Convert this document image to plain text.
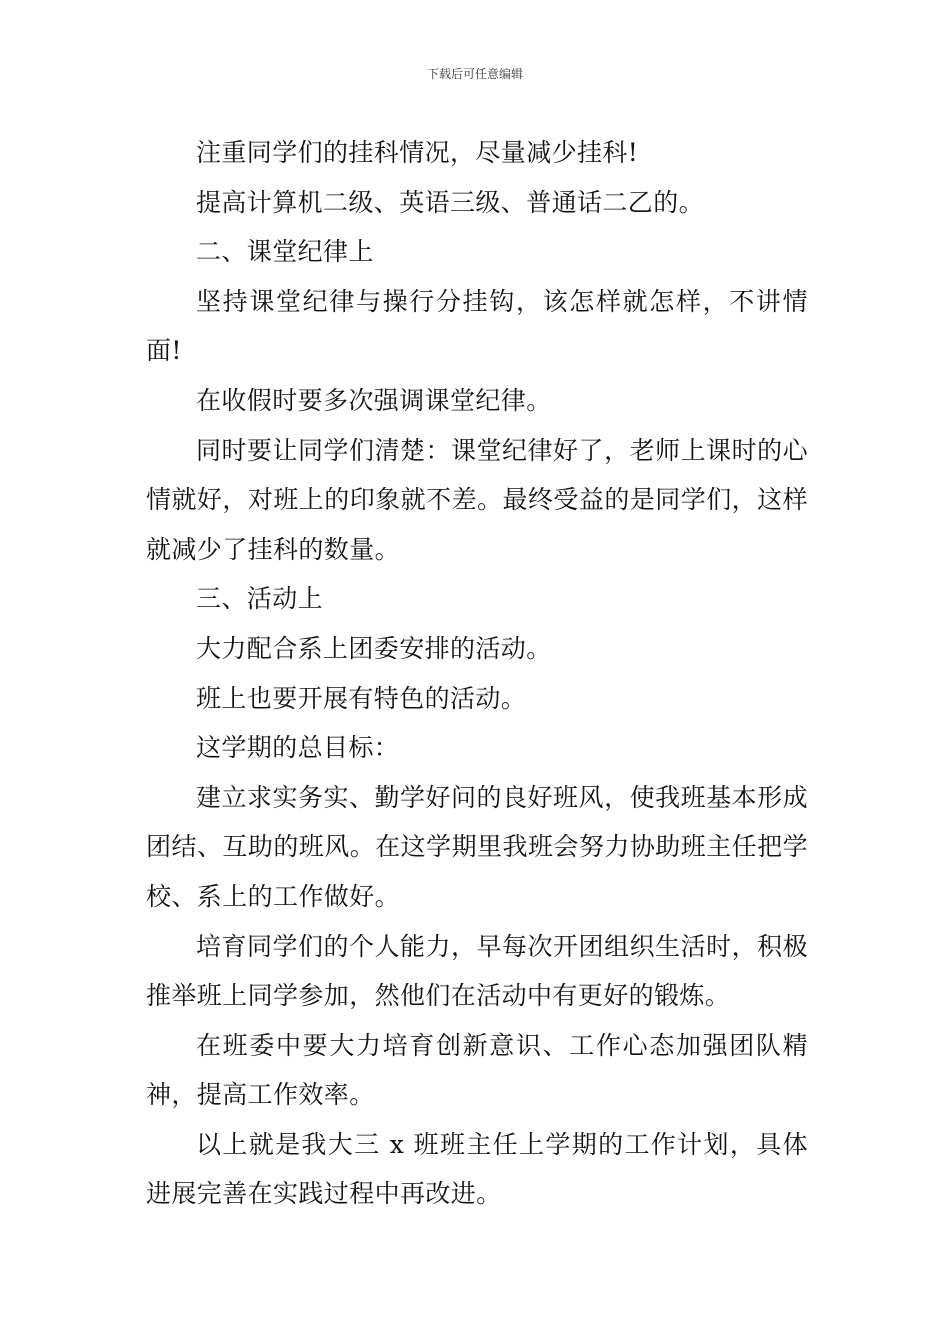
下载后可任意编辑

注重同学们的挂科情况，尽量减少挂科!

提高计算机二级、英语三级、普通话二乙的。

二、课堂纪律上

坚持课堂纪律与操行分挂钩，该怎样就怎样，不讲情面!

在收假时要多次强调课堂纪律。

同时要让同学们清楚：课堂纪律好了，老师上课时的心情就好，对班上的印象就不差。最终受益的是同学们，这样就减少了挂科的数量。

三、活动上

大力配合系上团委安排的活动。

班上也要开展有特色的活动。

这学期的总目标：

建立求实务实、勤学好问的良好班风，使我班基本形成团结、互助的班风。在这学期里我班会努力协助班主任把学校、系上的工作做好。

培育同学们的个人能力，早每次开团组织生活时，积极推举班上同学参加，然他们在活动中有更好的锻炼。

在班委中要大力培育创新意识、工作心态加强团队精神，提高工作效率。

以上就是我大三 x 班班主任上学期的工作计划，具体进展完善在实践过程中再改进。
